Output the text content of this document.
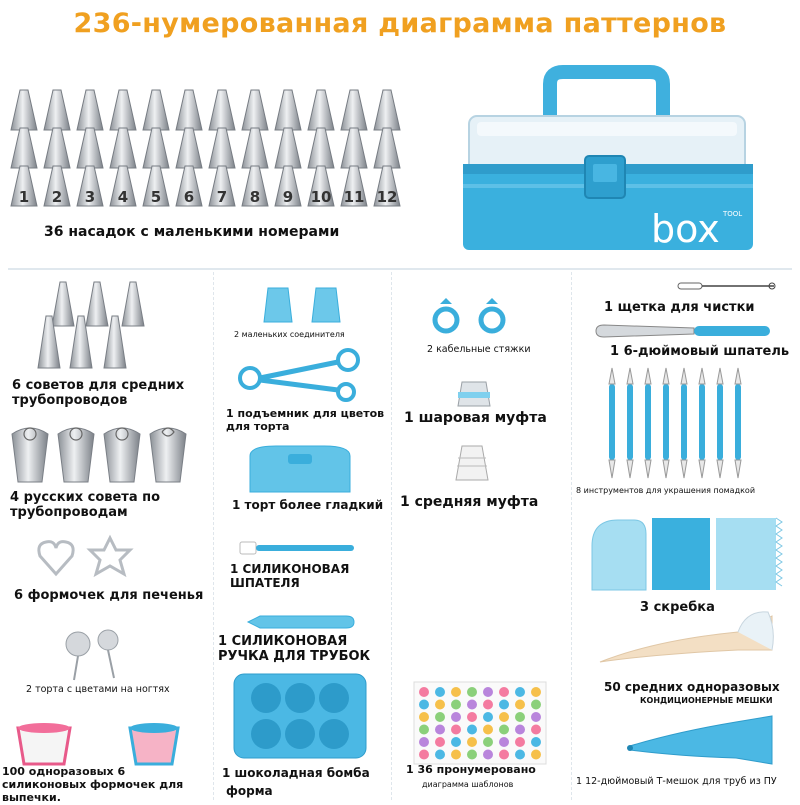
236-нумерованная диаграмма паттернов
1 2 3 4 5 6 7 8 9 10 11 12
36 насадок с маленькими номерами	box TOOL
6 советов для средних трубопроводов
4 русских совета по трубопроводам
6 формочек для печенья
2 торта с цветами на ногтях
100 одноразовых 6 силиконовых формочек для выпечки.
2 маленьких соединителя
1 подъемник для цветов для торта
1 торт более гладкий
1 СИЛИКОНОВАЯ ШПАТЕЛЯ
1 СИЛИКОНОВАЯ РУЧКА ДЛЯ ТРУБОК
1 шоколадная бомба
форма
2 кабельные стяжки
1 шаровая муфта
1 средняя муфта
1 36 пронумеровано
диаграмма шаблонов
1 щетка для чистки
1 6-дюймовый шпатель
8 инструментов для украшения помадкой
3 скребка
50 средних одноразовых
КОНДИЦИОНЕРНЫЕ МЕШКИ
1 12-дюймовый Т-мешок для труб из ПУ
